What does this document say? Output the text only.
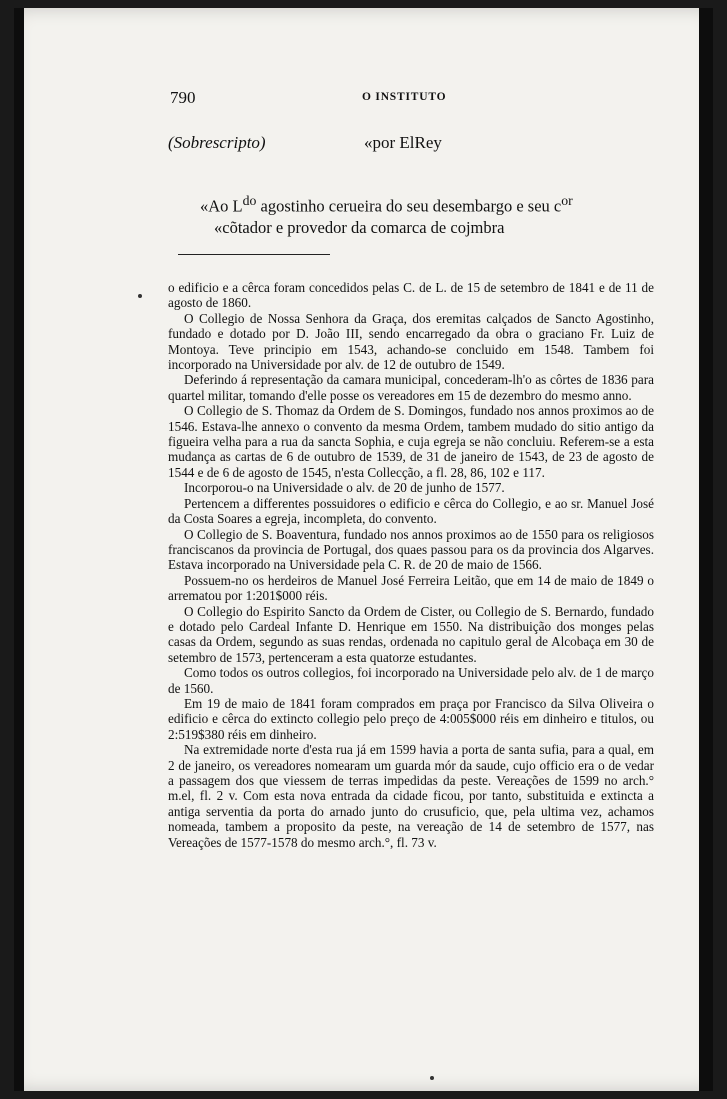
790	O INSTITUTO
(Sobrescripto)	«por ElRey
«Ao $L^{do}$ agostinho ceruеira do seu desembargo e seu $c^{or}$
«cõtador e provedor da comarca de cojmbra

o edificio e a cêrca foram concedidos pelas C. de L. de 15 de setembro de 1841 e de 11 de agosto de 1860.

O Collegio de Nossa Senhora da Graça, dos eremitas calçados de Sancto Agostinho, fundado e dotado por D. João III, sendo encarregado da obra o graciano Fr. Luiz de Montoya. Teve principio em 1543, achando-se concluido em 1548. Tambem foi incorporado na Universidade por alv. de 12 de outubro de 1549.

Deferindo á representação da camara municipal, concederam-lh'o as côrtes de 1836 para quartel militar, tomando d'elle posse os vereadores em 15 de dezembro do mesmo anno.

O Collegio de S. Thomaz da Ordem de S. Domingos, fundado nos annos proximos ao de 1546. Estava-lhe annexo o convento da mesma Ordem, tambem mudado do sitio antigo da figueira velha para a rua da sancta Sophia, e cuja egreja se não concluiu. Referem-se a esta mudança as cartas de 6 de outubro de 1539, de 31 de janeiro de 1543, de 23 de agosto de 1544 e de 6 de agosto de 1545, n'esta Collecção, a fl. 28, 86, 102 e 117.

Incorporou-o na Universidade o alv. de 20 de junho de 1577.

Pertencem a differentes possuidores o edificio e cêrca do Collegio, e ao sr. Manuel José da Costa Soares a egreja, incompleta, do convento.

O Collegio de S. Boaventura, fundado nos annos proximos ao de 1550 para os religiosos franciscanos da provincia de Portugal, dos quaes passou para os da provincia dos Algarves. Estava incorporado na Universidade pela C. R. de 20 de maio de 1566.

Possuem-no os herdeiros de Manuel José Ferreira Leitão, que em 14 de maio de 1849 o arrematou por 1:201$000 réis.

O Collegio do Espirito Sancto da Ordem de Cister, ou Collegio de S. Bernardo, fundado e dotado pelo Cardeal Infante D. Henrique em 1550. Na distribuição dos monges pelas casas da Ordem, segundo as suas rendas, ordenada no capitulo geral de Alcobaça em 30 de setembro de 1573, pertenceram a esta quatorze estudantes.

Como todos os outros collegios, foi incorporado na Universidade pelo alv. de 1 de março de 1560.

Em 19 de maio de 1841 foram comprados em praça por Francisco da Silva Oliveira o edificio e cêrca do extincto collegio pelo preço de 4:005$000 réis em dinheiro e titulos, ou 2:519$380 réis em dinheiro.

Na extremidade norte d'esta rua já em 1599 havia a porta de santa sufia, para a qual, em 2 de janeiro, os vereadores nomearam um guarda mór da saude, cujo officio era o de vedar a passagem dos que viessem de terras impedidas da peste. Vereações de 1599 no arch.° m.el, fl. 2 v. Com esta nova entrada da cidade ficou, por tanto, substituida e extincta a antiga serventia da porta do arnado junto do crusuficio, que, pela ultima vez, achamos nomeada, tambem a proposito da peste, na vereação de 14 de setembro de 1577, nas Vereações de 1577-1578 do mesmo arch.°, fl. 73 v.
